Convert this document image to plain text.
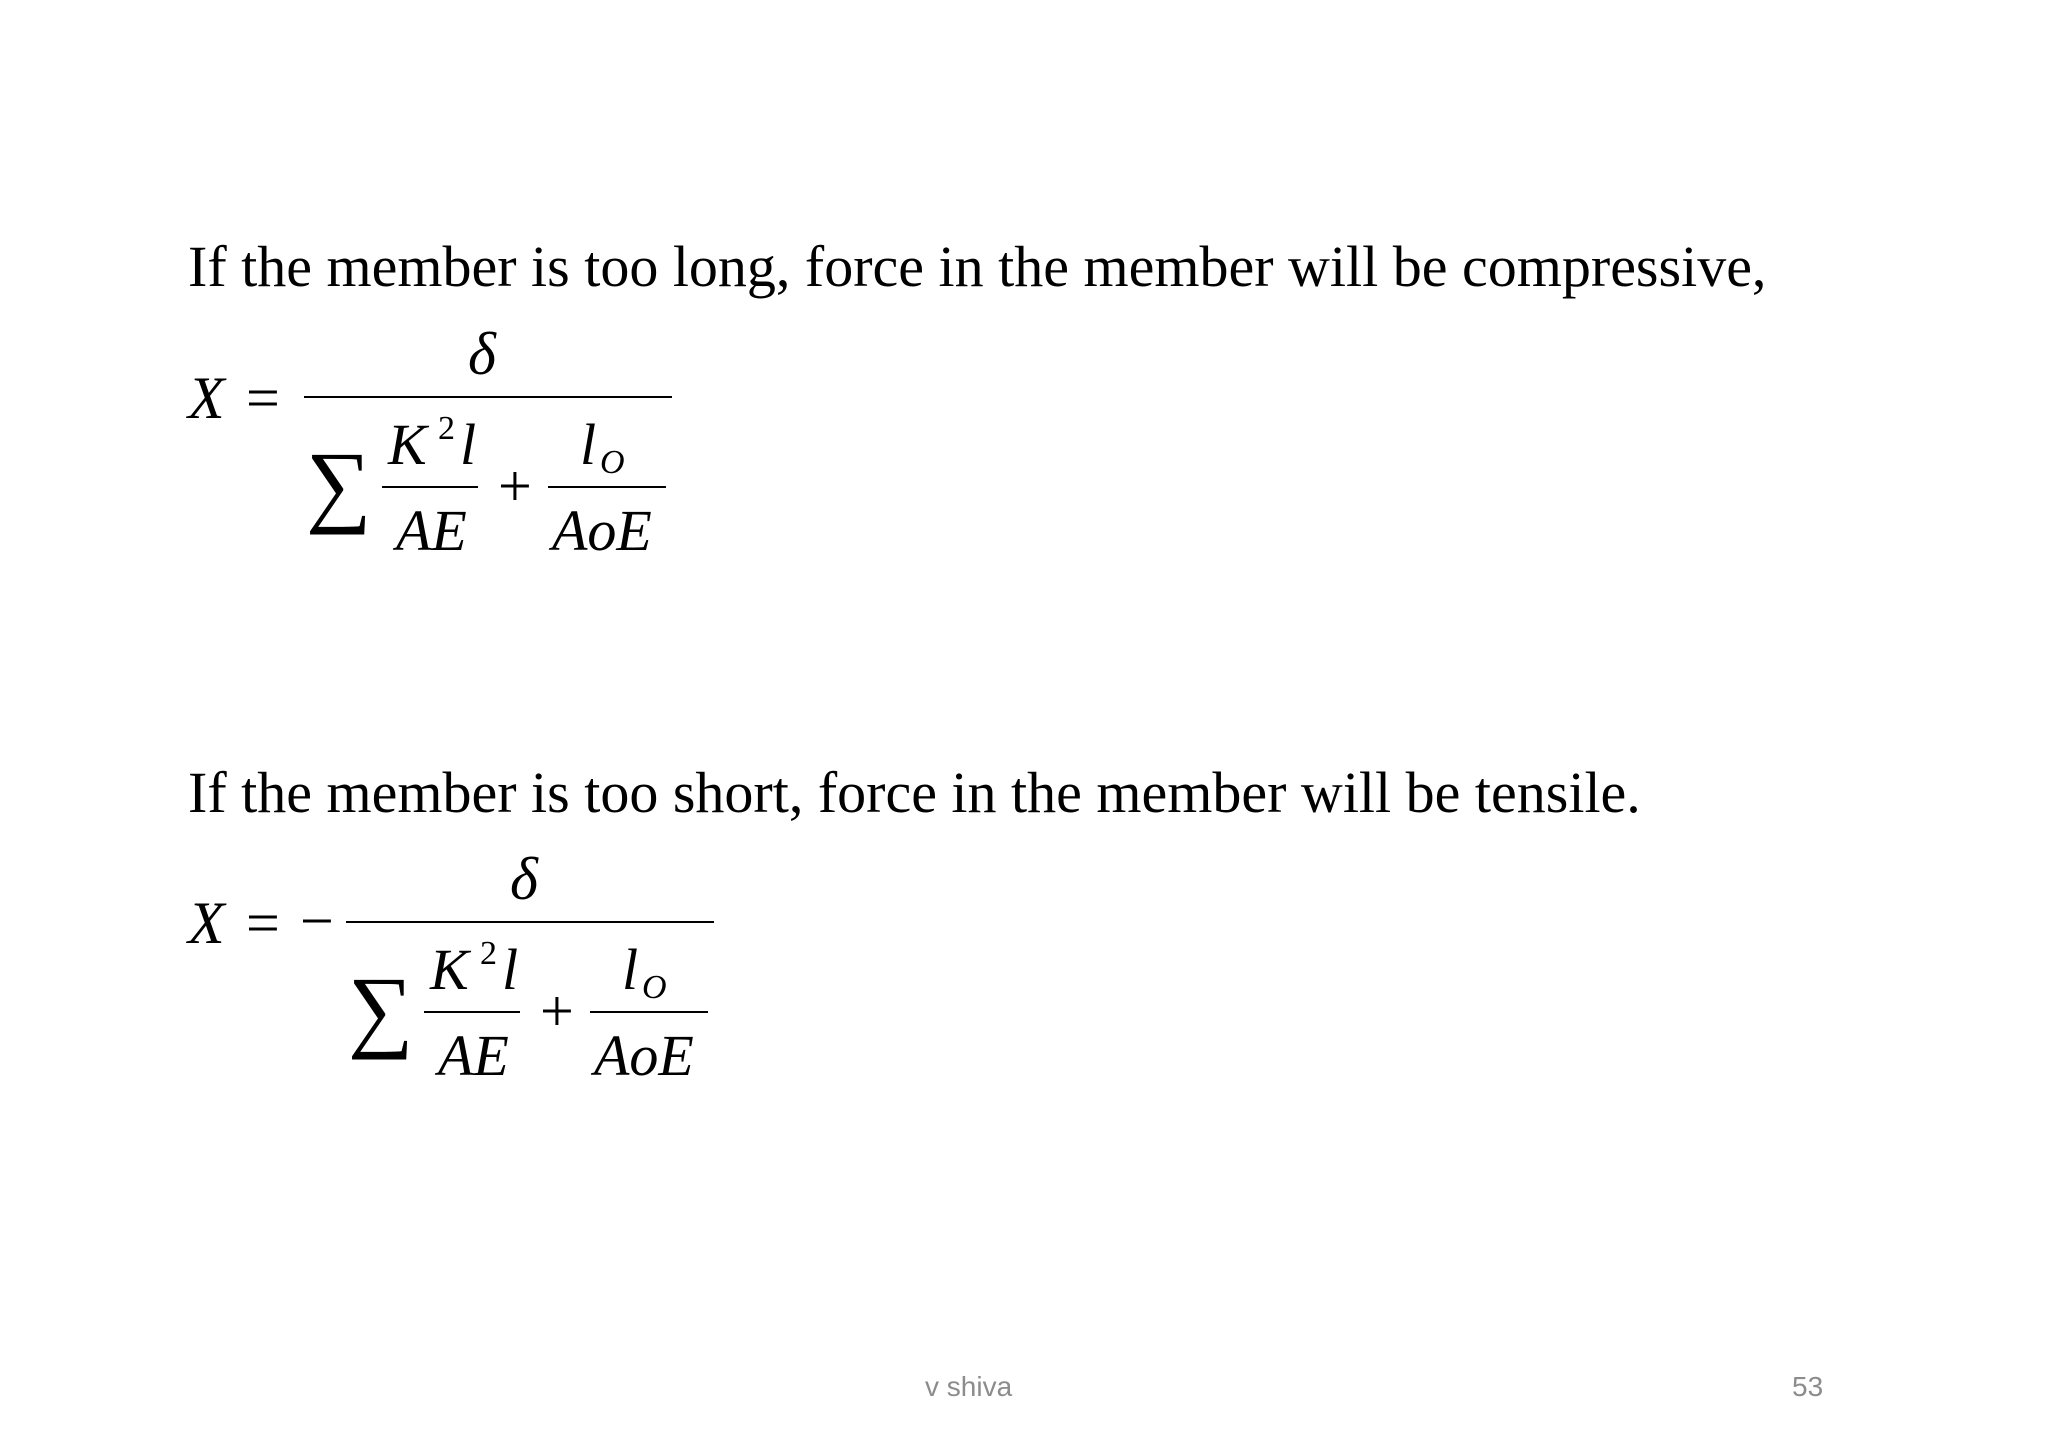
If the member is too long, force in the member will be compressive,

X =
δ
∑ K 2 l
AE
+
l O
AoE

If the member is too short, force in the member will be tensile.

X = −
δ
∑ K 2 l
AE
+
l O
AoE
v shiva	53
